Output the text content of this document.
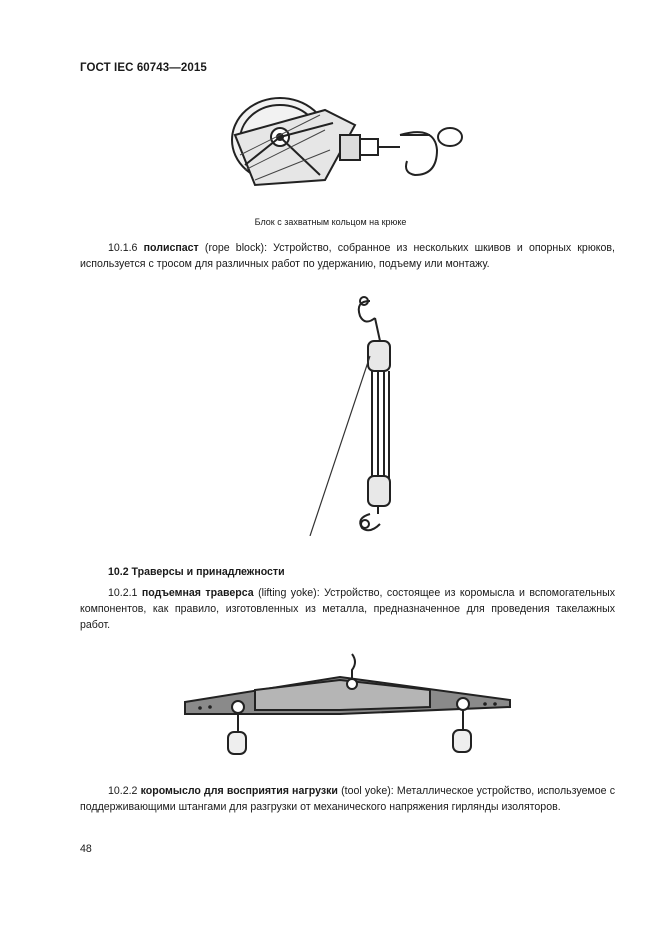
ГОСТ IEC 60743—2015
Блок с захватным кольцом на крюке
10.1.6 полиспаст (rope block): Устройство, собранное из нескольких шкивов и опорных крюков, используется с тросом для различных работ по удержанию, подъему или монтажу.
10.2 Траверсы и принадлежности
10.2.1 подъемная траверса (lifting yoke): Устройство, состоящее из коромысла и вспомогательных компонентов, как правило, изготовленных из металла, предназначенное для проведения такелажных работ.
10.2.2 коромысло для восприятия нагрузки (tool yoke): Металлическое устройство, используемое с поддерживающими штангами для разгрузки от механического напряжения гирлянды изоляторов.
48
